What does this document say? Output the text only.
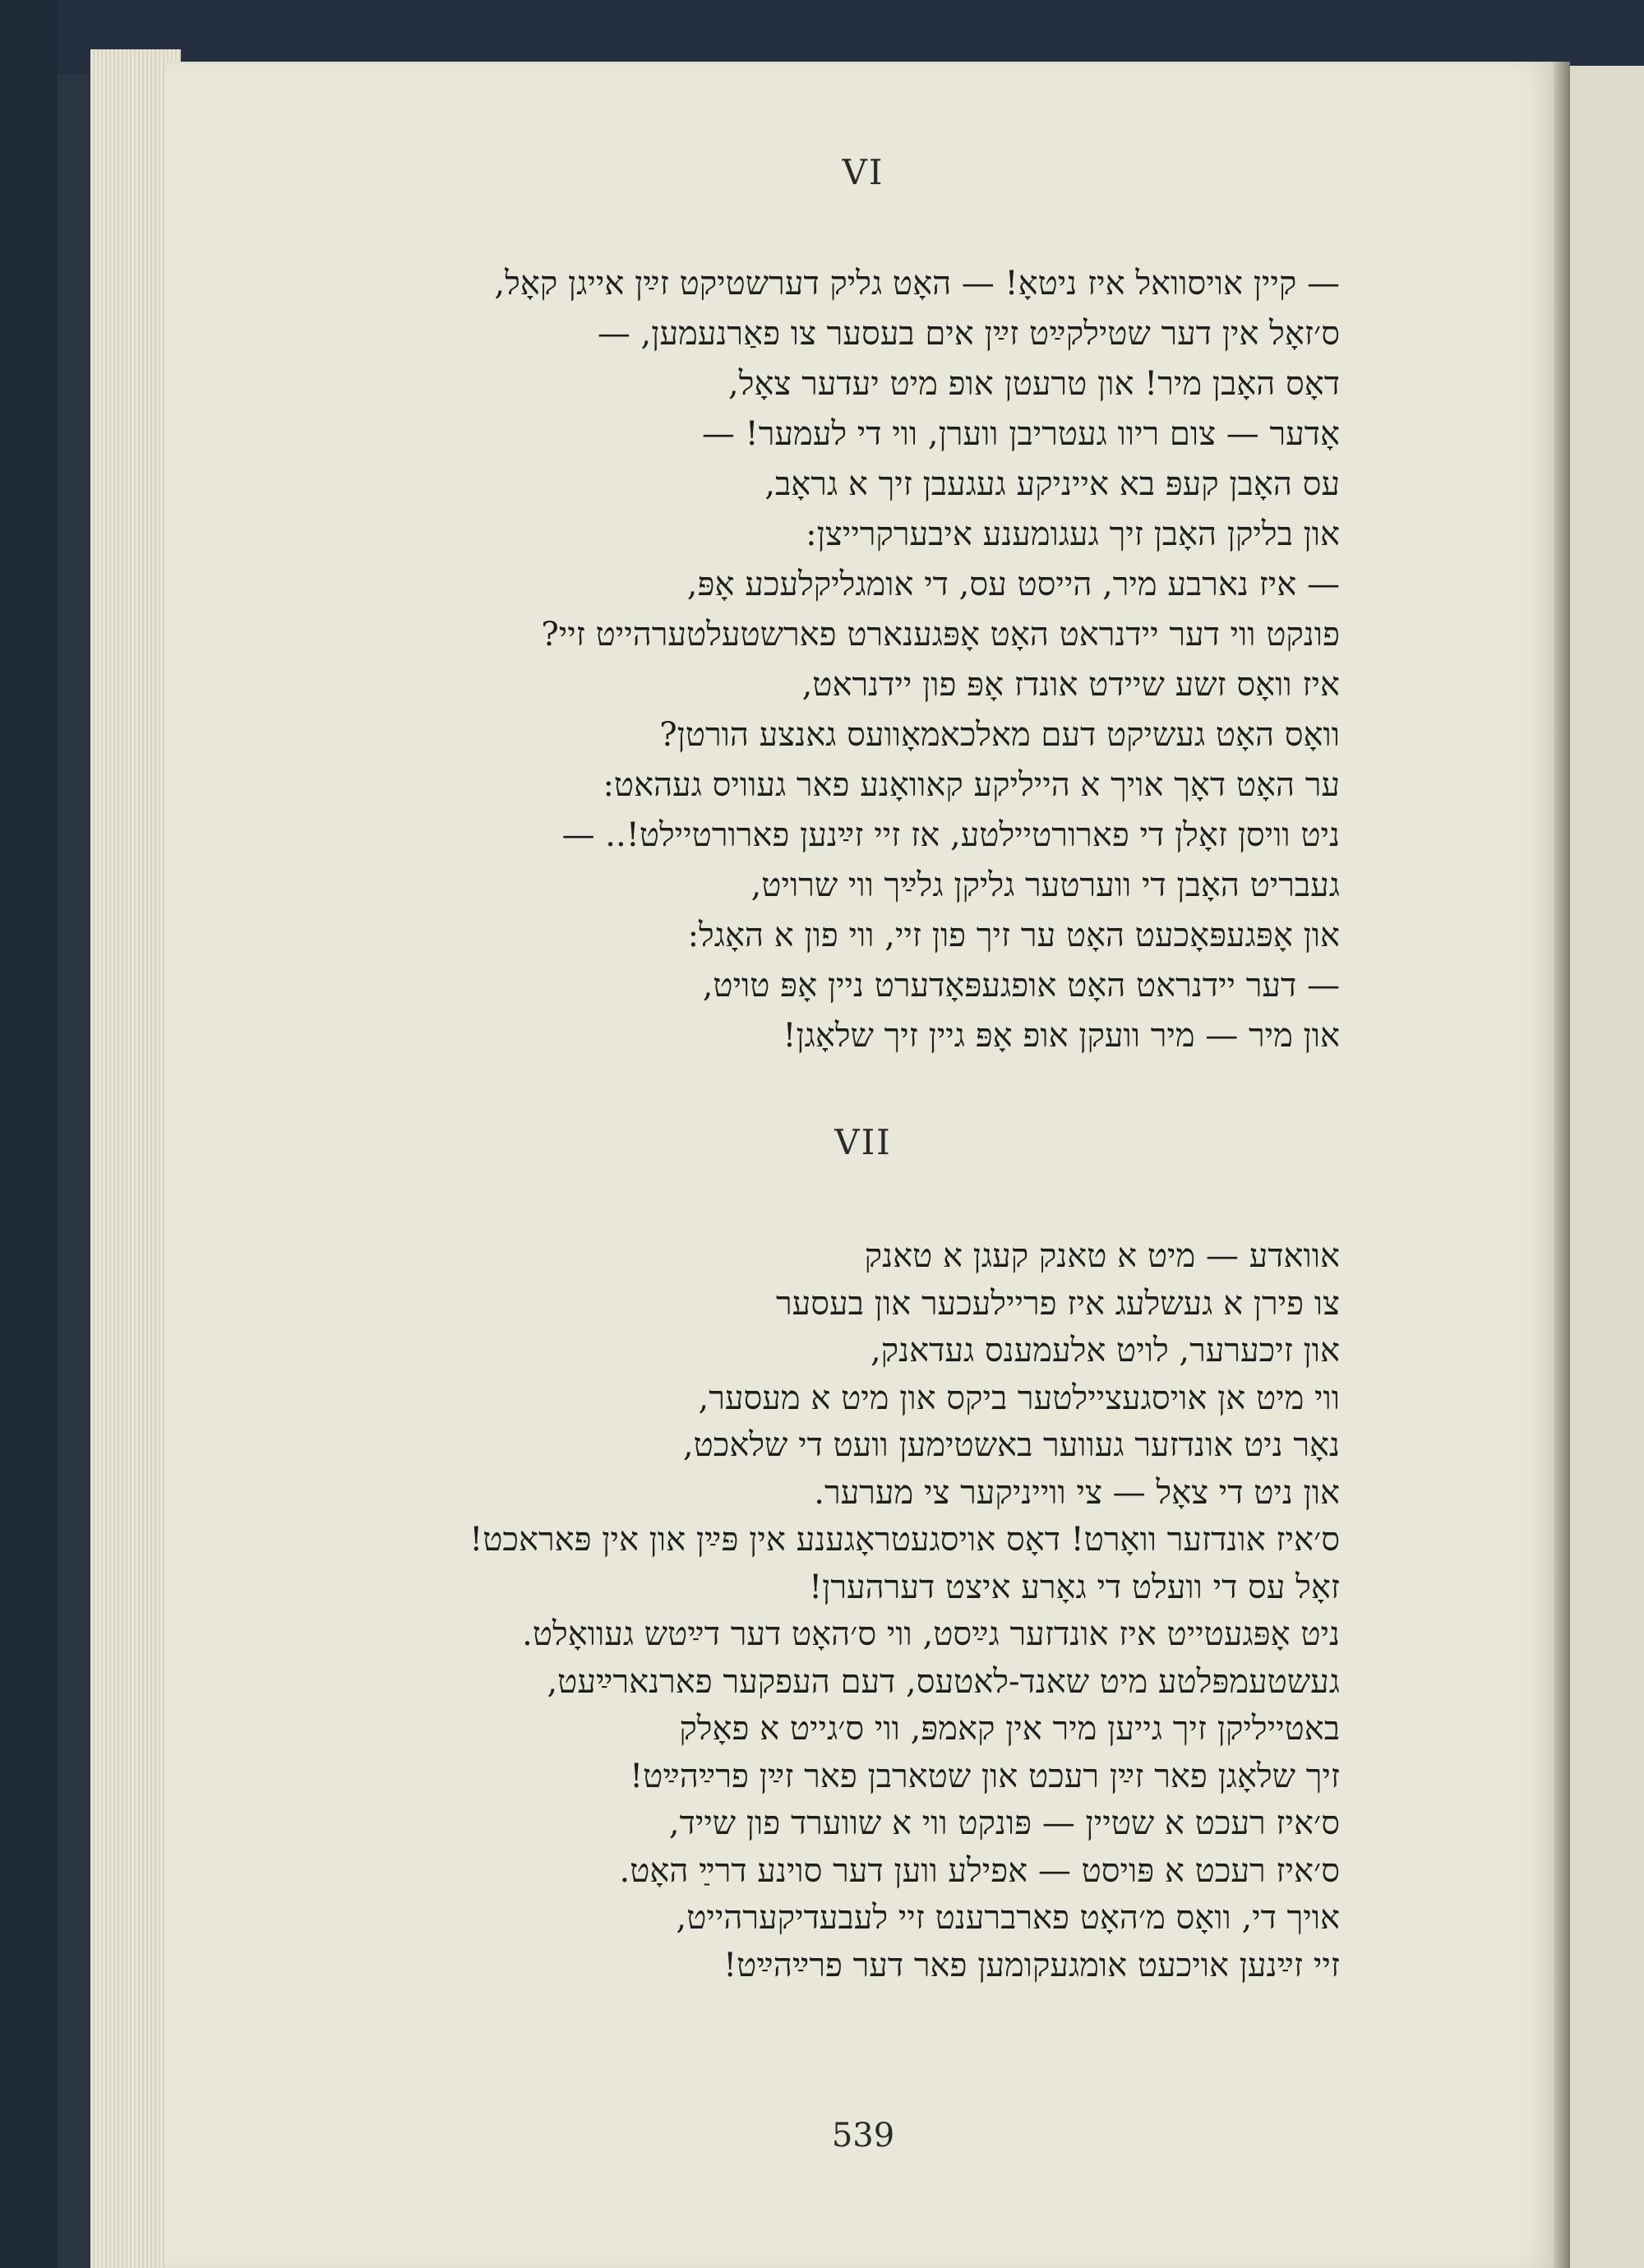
VI
— קיין אויסוואל איז ניטאָ! — האָט גליק דערשטיקט זײַן אייגן קאָל,
ס׳זאָל אין דער שטילקײַט זײַן אים בעסער צו פאַרנעמען, —
דאָס האָבן מיר! און טרעטן אופ מיט יעדער צאָל,
אָדער — צום ריוו געטריבן ווערן, ווי די לעמער! —
עס האָבן קעפּ בא אייניקע געגעבן זיך א גראָב,
און בליקן האָבן זיך געגומענע איבערקרייצן:
— איז נארבע מיר, הייסט עס, די אומגליקלעכע אָפּ,
פונקט ווי דער יידנראט האָט אָפּגענארט פארשטעלטערהייט זיי?
איז וואָס זשע שיידט אונדז אָפּ פון יידנראט,
וואָס האָט געשיקט דעם מאלכאמאָוועס גאנצע הורטן?
ער האָט דאָך אויך א הייליקע קאוואָנע פאר געוויס געהאט:
ניט וויסן זאָלן די פארורטיילטע, אז זיי זײַנען פארורטיילט!.. —
געבריט האָבן די ווערטער גליקן גלײַך ווי שרויט,
און אָפּגעפּאָכעט האָט ער זיך פון זיי, ווי פון א האָגל:
— דער יידנראט האָט אופגעפּאָדערט ניין אָפּ טויט,
און מיר — מיר וועקן אופ אָפּ גיין זיך שלאָגן!
VII
אוואדע — מיט א טאנק קעגן א טאנק
צו פירן א געשלעג איז פריילעכער און בעסער
און זיכערער, לויט אלעמענס געדאנק,
ווי מיט אן אויסגעציילטער ביקס און מיט א מעסער,
נאָר ניט אונדזער געווער באשטימען וועט די שלאכט,
און ניט די צאָל — צי ווייניקער צי מערער.
ס׳איז אונדזער וואָרט! דאָס אויסגעטראָגענע אין פּײַן און אין פּאראכט!
זאָל עס די וועלט די גאָרע איצט דערהערן!
ניט אָפּגעטייט איז אונדזער גײַסט, ווי ס׳האָט דער דײַטש געוואָלט.
געשטעמפּלטע מיט שאנד-לאטעס, דעם העפקער פארנארײַעט,
באטייליקן זיך גייען מיר אין קאמפּ, ווי ס׳גייט א פאָלק
זיך שלאָגן פאר זײַן רעכט און שטארבן פאר זײַן פרײַהײַט!
ס׳איז רעכט א שטיין — פּונקט ווי א שווערד פון שייד,
ס׳איז רעכט א פּויסט — אפילע ווען דער סוינע דרײַ האָט.
אויך די, וואָס מ׳האָט פארברענט זיי לעבעדיקערהייט,
זיי זײַנען אויכעט אומגעקומען פאר דער פרײַהײַט!
539
